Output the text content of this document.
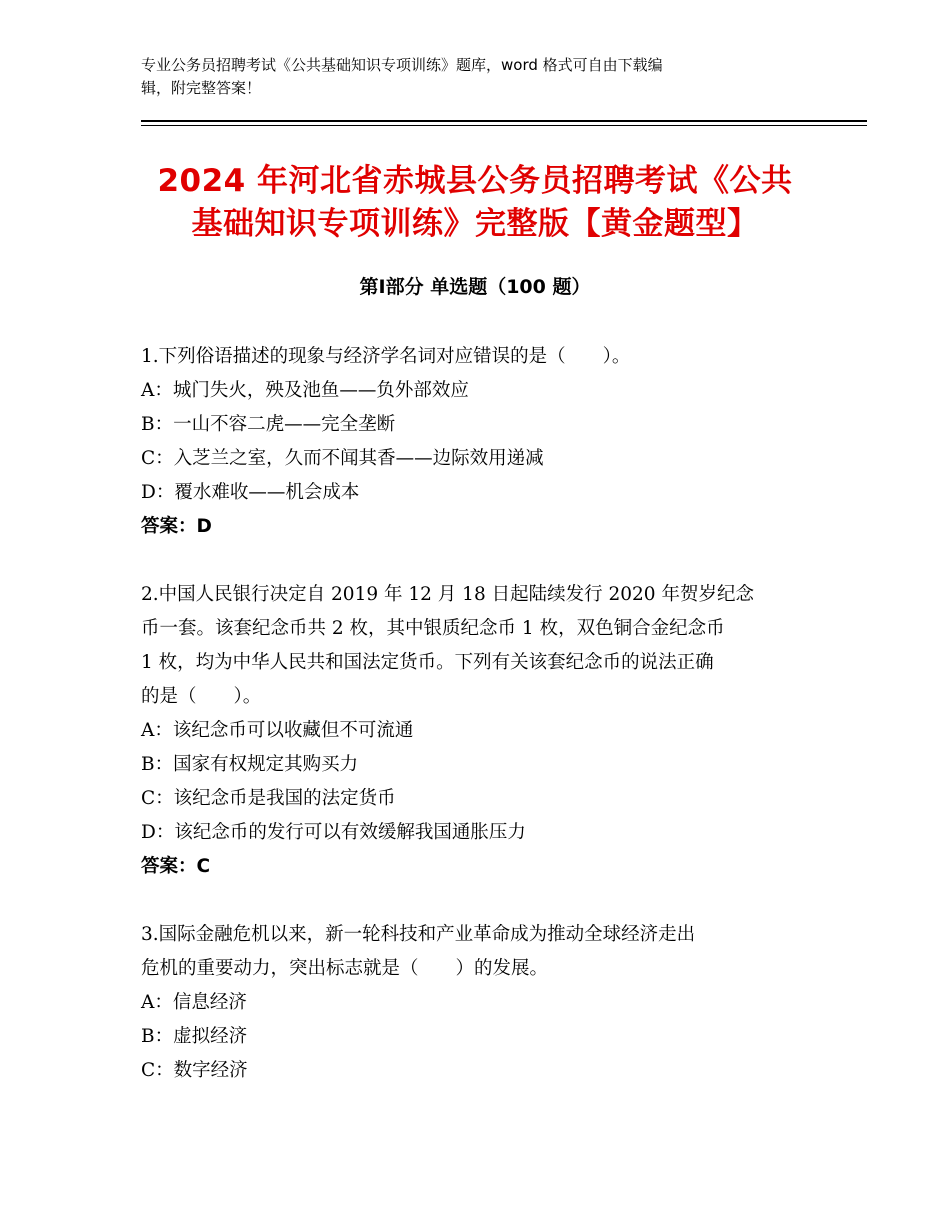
专业公务员招聘考试《公共基础知识专项训练》题库，word 格式可自由下载编
辑，附完整答案！
2024 年河北省赤城县公务员招聘考试《公共
基础知识专项训练》完整版【黄金题型】
第Ⅰ部分 单选题（100 题）

1.下列俗语描述的现象与经济学名词对应错误的是（　　）。

A：城门失火，殃及池鱼——负外部效应

B：一山不容二虎——完全垄断

C：入芝兰之室，久而不闻其香——边际效用递减

D：覆水难收——机会成本

答案：D

2.中国人民银行决定自 2019 年 12 月 18 日起陆续发行 2020 年贺岁纪念

币一套。该套纪念币共 2 枚，其中银质纪念币 1 枚，双色铜合金纪念币

1 枚，均为中华人民共和国法定货币。下列有关该套纪念币的说法正确

的是（　　）。

A：该纪念币可以收藏但不可流通

B：国家有权规定其购买力

C：该纪念币是我国的法定货币

D：该纪念币的发行可以有效缓解我国通胀压力

答案：C

3.国际金融危机以来，新一轮科技和产业革命成为推动全球经济走出

危机的重要动力，突出标志就是（　　）的发展。

A：信息经济

B：虚拟经济

C：数字经济
